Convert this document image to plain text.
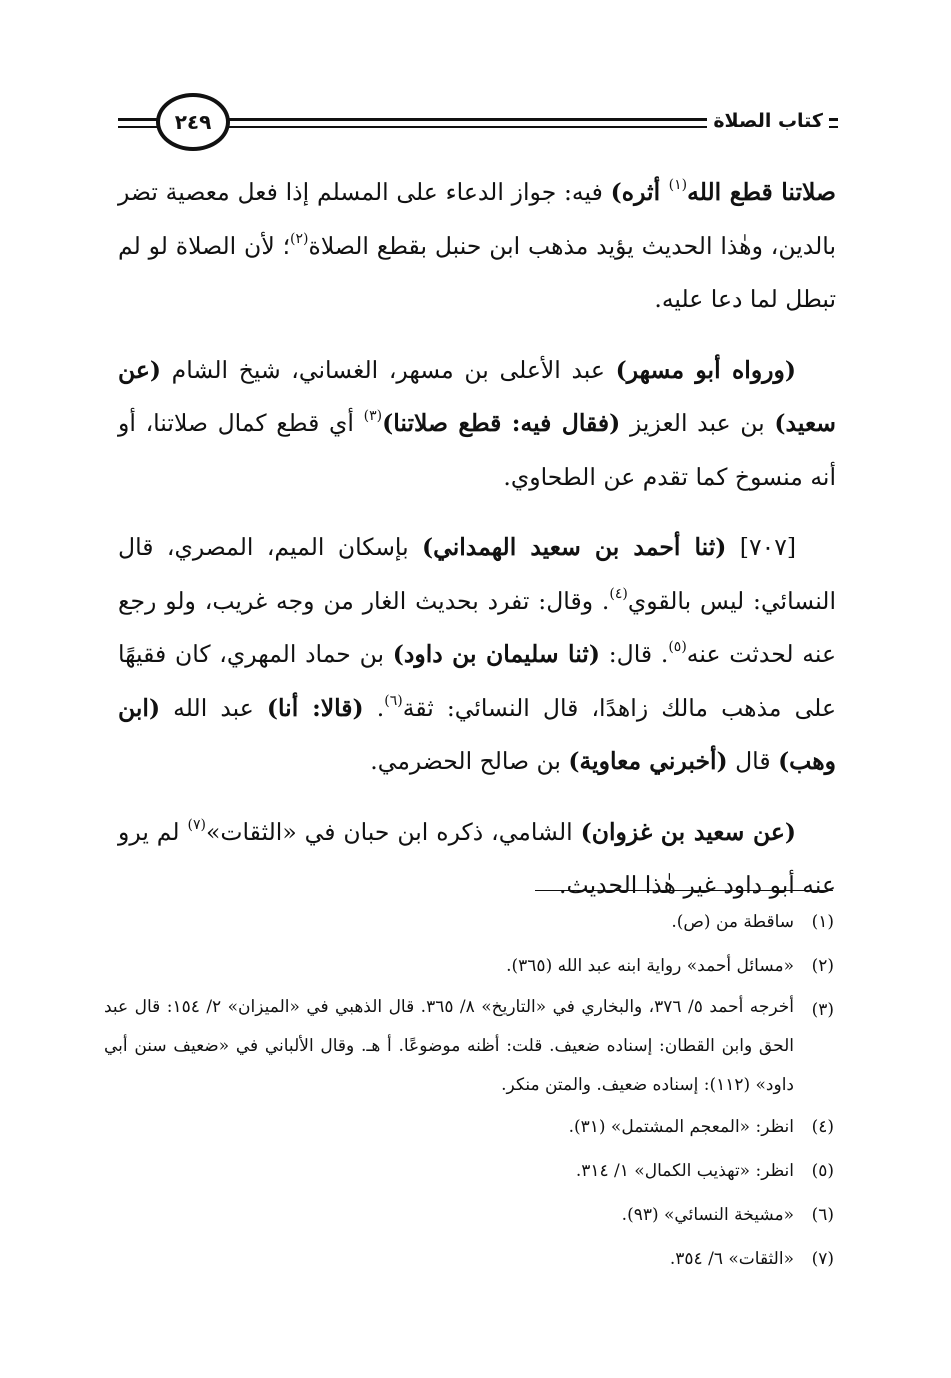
كتاب الصلاة
٢٤٩

صلاتنا قطع الله$^{(١)}$ أثره) فيه: جواز الدعاء على المسلم إذا فعل معصية تضر بالدين، وهٰذا الحديث يؤيد مذهب ابن حنبل بقطع الصلاة$^{(٢)}$؛ لأن الصلاة لو لم تبطل لما دعا عليه.

(ورواه أبو مسهر) عبد الأعلى بن مسهر، الغساني، شيخ الشام (عن سعيد) بن عبد العزيز (فقال فيه: قطع صلاتنا)$^{(٣)}$ أي قطع كمال صلاتنا، أو أنه منسوخ كما تقدم عن الطحاوي.

[٧٠٧] (ثنا أحمد بن سعيد الهمداني) بإسكان الميم، المصري، قال النسائي: ليس بالقوي$^{(٤)}$. وقال: تفرد بحديث الغار من وجه غريب، ولو رجع عنه لحدثت عنه$^{(٥)}$. قال: (ثنا سليمان بن داود) بن حماد المهري، كان فقيهًا على مذهب مالك زاهدًا، قال النسائي: ثقة$^{(٦)}$. (قالا: أنا) عبد الله (ابن وهب) قال (أخبرني معاوية) بن صالح الحضرمي.

(عن سعيد بن غزوان) الشامي، ذكره ابن حبان في «الثقات»$^{(٧)}$ لم يرو عنه أبو داود غير هٰذا الحديث.

(١)
ساقطة من (ص).
(٢)
«مسائل أحمد» رواية ابنه عبد الله (٣٦٥).
(٣)
أخرجه أحمد ٥/ ٣٧٦، والبخاري في «التاريخ» ٨/ ٣٦٥. قال الذهبي في «الميزان» ٢/ ١٥٤: قال عبد الحق وابن القطان: إسناده ضعيف. قلت: أظنه موضوعًا. أ هـ. وقال الألباني في «ضعيف سنن أبي داود» (١١٢): إسناده ضعيف. والمتن منكر.
(٤)
انظر: «المعجم المشتمل» (٣١).
(٥)
انظر: «تهذيب الكمال» ١/ ٣١٤.
(٦)
«مشيخة النسائي» (٩٣).
(٧)
«الثقات» ٦/ ٣٥٤.
